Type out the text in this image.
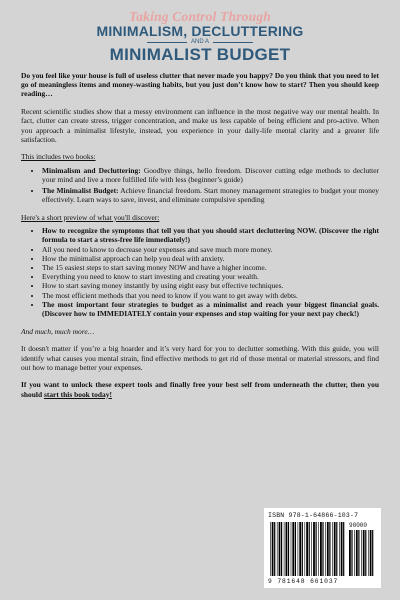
Taking Control Through
MINIMALISM, DECLUTTERING
AND A
MINIMALIST BUDGET

Do you feel like your house is full of useless clutter that never made you happy? Do you think that you need to let go of meaningless items and money-wasting habits, but you just don’t know how to start? Then you should keep reading…

Recent scientific studies show that a messy environment can influence in the most negative way our mental health. In fact, clutter can create stress, trigger concentration, and make us less capable of being efficient and pro-active. When you approach a minimalist lifestyle, instead, you experience in your daily-life mental clarity and a greater life satisfaction.

This includes two books:

• Minimalism and Decluttering: Goodbye things, hello freedom. Discover cutting edge methods to declutter your mind and live a more fulfilled life with less (beginner’s guide)
• The Minimalist Budget: Achieve financial freedom. Start money management strategies to budget your money effectively. Learn ways to save, invest, and eliminate compulsive spending

Here's a short preview of what you'll discover:

• How to recognize the symptoms that tell you that you should start decluttering NOW. (Discover the right formula to start a stress-free life immediately!)
• All you need to know to decrease your expenses and save much more money.
• How the minimalist approach can help you deal with anxiety.
• The 15 easiest steps to start saving money NOW and have a higher income.
• Everything you need to know to start investing and creating your wealth.
• How to start saving money instantly by using eight easy but effective techniques.
• The most efficient methods that you need to know if you want to get away with debts.
• The most important four strategies to budget as a minimalist and reach your biggest financial goals. (Discover how to IMMEDIATELY contain your expenses and stop waiting for your next pay check!)

And much, much more…

It doesn't matter if you’re a big hoarder and it’s very hard for you to declutter something. With this guide, you will identify what causes you mental strain, find effective methods to get rid of those mental or material stressors, and find out how to manage better your expenses.

If you want to unlock these expert tools and finally free your best self from underneath the clutter, then you should start this book today!

ISBN 978-1-64866-103-7
90000
9 781648 661037
